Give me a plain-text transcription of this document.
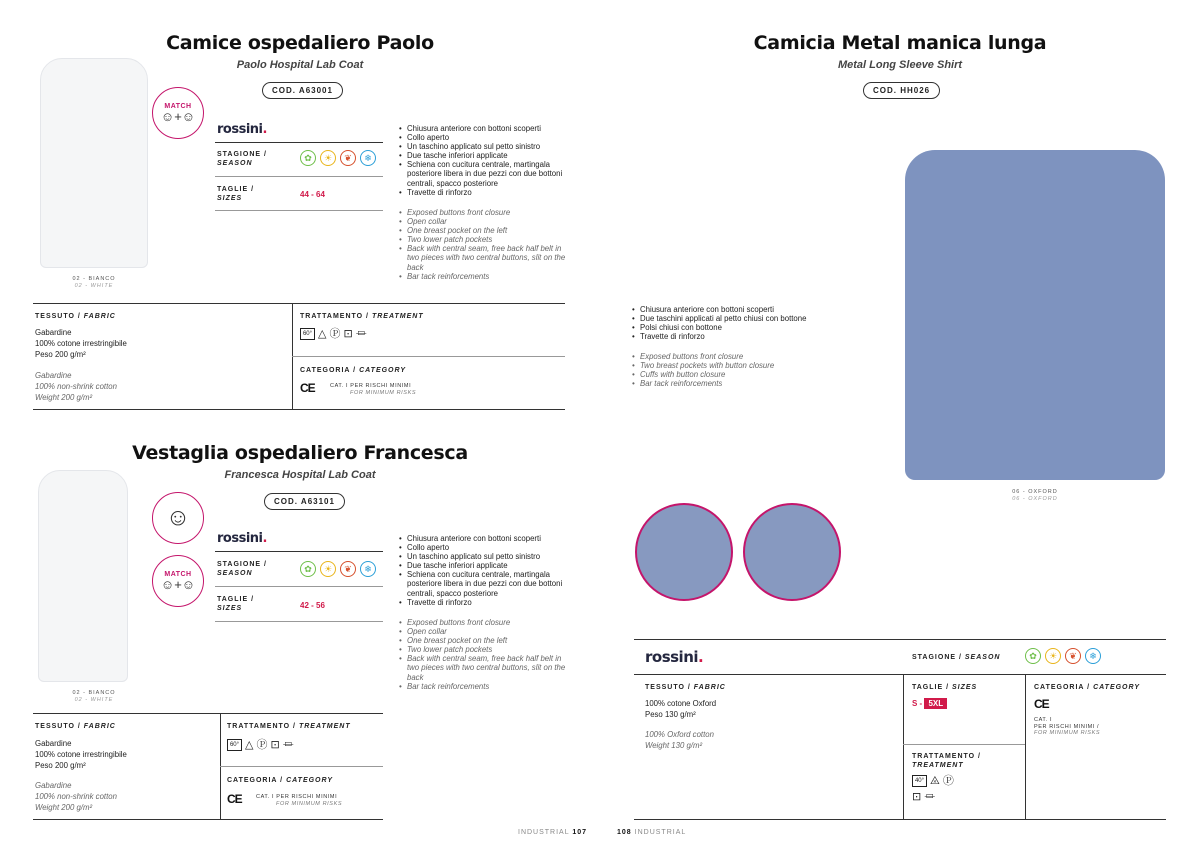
Camice ospedaliero Paolo
Paolo Hospital Lab Coat
COD. A63001
02 - BIANCO
02 - WHITE
MATCH
☺+☺
rossini.
STAGIONE /
SEASON
✿	☀	❦	❄
TAGLIE /
SIZES	44 - 64
• Chiusura anteriore con bottoni scoperti
• Collo aperto
• Un taschino applicato sul petto sinistro
• Due tasche inferiori applicate
• Schiena con cucitura centrale, martingala posteriore libera in due pezzi con due bottoni centrali, spacco posteriore
• Travette di rinforzo
• Exposed buttons front closure
• Open collar
• One breast pocket on the left
• Two lower patch pockets
• Back with central seam, free back half belt in two pieces with two central buttons, slit on the back
• Bar tack reinforcements
TESSUTO / FABRIC
Gabardine
100% cotone irrestringibile
Peso 200 g/m²
Gabardine
100% non-shrink cotton
Weight 200 g/m²
TRATTAMENTO / TREATMENT
60° △ Ⓟ ⊡ ⏛
CATEGORIA / CATEGORY
CE	CAT. I PER RISCHI MINIMI
FOR MINIMUM RISKS
Vestaglia ospedaliero Francesca
Francesca Hospital Lab Coat
COD. A63101
02 - BIANCO
02 - WHITE
☺
MATCH
☺+☺
rossini.
STAGIONE /
SEASON	✿	☀	❦	❄
TAGLIE /
SIZES	42 - 56
• Chiusura anteriore con bottoni scoperti
• Collo aperto
• Un taschino applicato sul petto sinistro
• Due tasche inferiori applicate
• Schiena con cucitura centrale, martingala posteriore libera in due pezzi con due bottoni centrali, spacco posteriore
• Travette di rinforzo
• Exposed buttons front closure
• Open collar
• One breast pocket on the left
• Two lower patch pockets
• Back with central seam, free back half belt in two pieces with two central buttons, slit on the back
• Bar tack reinforcements
TESSUTO / FABRIC
Gabardine
100% cotone irrestringibile
Peso 200 g/m²
Gabardine
100% non-shrink cotton
Weight 200 g/m²
TRATTAMENTO / TREATMENT
60° △ Ⓟ ⊡ ⏛
CATEGORIA / CATEGORY
CE	CAT. I PER RISCHI MINIMI
FOR MINIMUM RISKS
INDUSTRIAL 107
Camicia Metal manica lunga
Metal Long Sleeve Shirt
COD. HH026
06 - OXFORD
06 - OXFORD
• Chiusura anteriore con bottoni scoperti
• Due taschini applicati al petto chiusi con bottone
• Polsi chiusi con bottone
• Travette di rinforzo
• Exposed buttons front closure
• Two breast pockets with button closure
• Cuffs with button closure
• Bar tack reinforcements
rossini.	STAGIONE / SEASON	✿	☀	❦	❄
TESSUTO / FABRIC
100% cotone Oxford
Peso 130 g/m²
100% Oxford cotton
Weight 130 g/m²
TAGLIE / SIZES
S - 5XL
TRATTAMENTO /
TREATMENT
40° ⨻ Ⓟ
⊡ ⏛
CATEGORIA / CATEGORY
CE
CAT. I
PER RISCHI MINIMI /
FOR MINIMUM RISKS
108 INDUSTRIAL
